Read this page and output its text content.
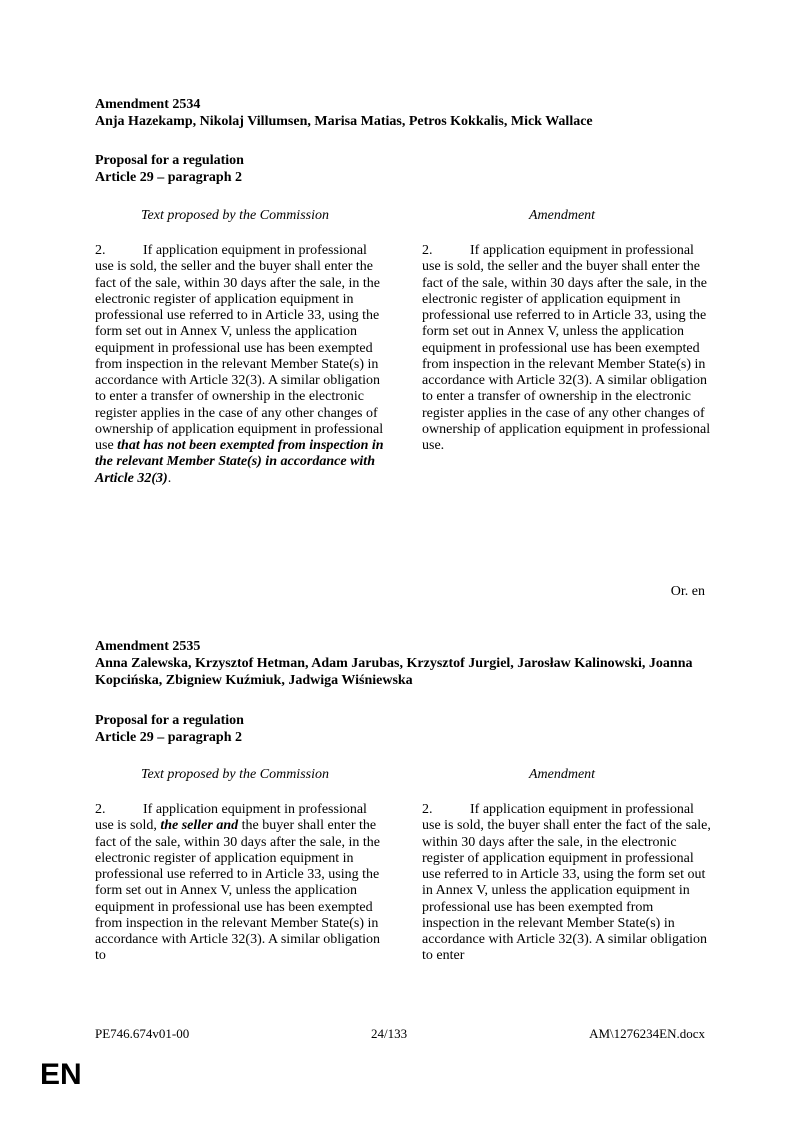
Amendment 2534
Anja Hazekamp, Nikolaj Villumsen, Marisa Matias, Petros Kokkalis, Mick Wallace
Proposal for a regulation
Article 29 – paragraph 2
Text proposed by the Commission	Amendment
2.	If application equipment in professional use is sold, the seller and the buyer shall enter the fact of the sale, within 30 days after the sale, in the electronic register of application equipment in professional use referred to in Article 33, using the form set out in Annex V, unless the application equipment in professional use has been exempted from inspection in the relevant Member State(s) in accordance with Article 32(3). A similar obligation to enter a transfer of ownership in the electronic register applies in the case of any other changes of ownership of application equipment in professional use that has not been exempted from inspection in the relevant Member State(s) in accordance with Article 32(3).
2.	If application equipment in professional use is sold, the seller and the buyer shall enter the fact of the sale, within 30 days after the sale, in the electronic register of application equipment in professional use referred to in Article 33, using the form set out in Annex V, unless the application equipment in professional use has been exempted from inspection in the relevant Member State(s) in accordance with Article 32(3). A similar obligation to enter a transfer of ownership in the electronic register applies in the case of any other changes of ownership of application equipment in professional use.
Or. en
Amendment 2535
Anna Zalewska, Krzysztof Hetman, Adam Jarubas, Krzysztof Jurgiel, Jarosław Kalinowski, Joanna Kopcińska, Zbigniew Kuźmiuk, Jadwiga Wiśniewska
Proposal for a regulation
Article 29 – paragraph 2
Text proposed by the Commission	Amendment
2.	If application equipment in professional use is sold, the seller and the buyer shall enter the fact of the sale, within 30 days after the sale, in the electronic register of application equipment in professional use referred to in Article 33, using the form set out in Annex V, unless the application equipment in professional use has been exempted from inspection in the relevant Member State(s) in accordance with Article 32(3). A similar obligation to
2.	If application equipment in professional use is sold, the buyer shall enter the fact of the sale, within 30 days after the sale, in the electronic register of application equipment in professional use referred to in Article 33, using the form set out in Annex V, unless the application equipment in professional use has been exempted from inspection in the relevant Member State(s) in accordance with Article 32(3). A similar obligation to enter
PE746.674v01-00	24/133	AM\1276234EN.docx
EN
